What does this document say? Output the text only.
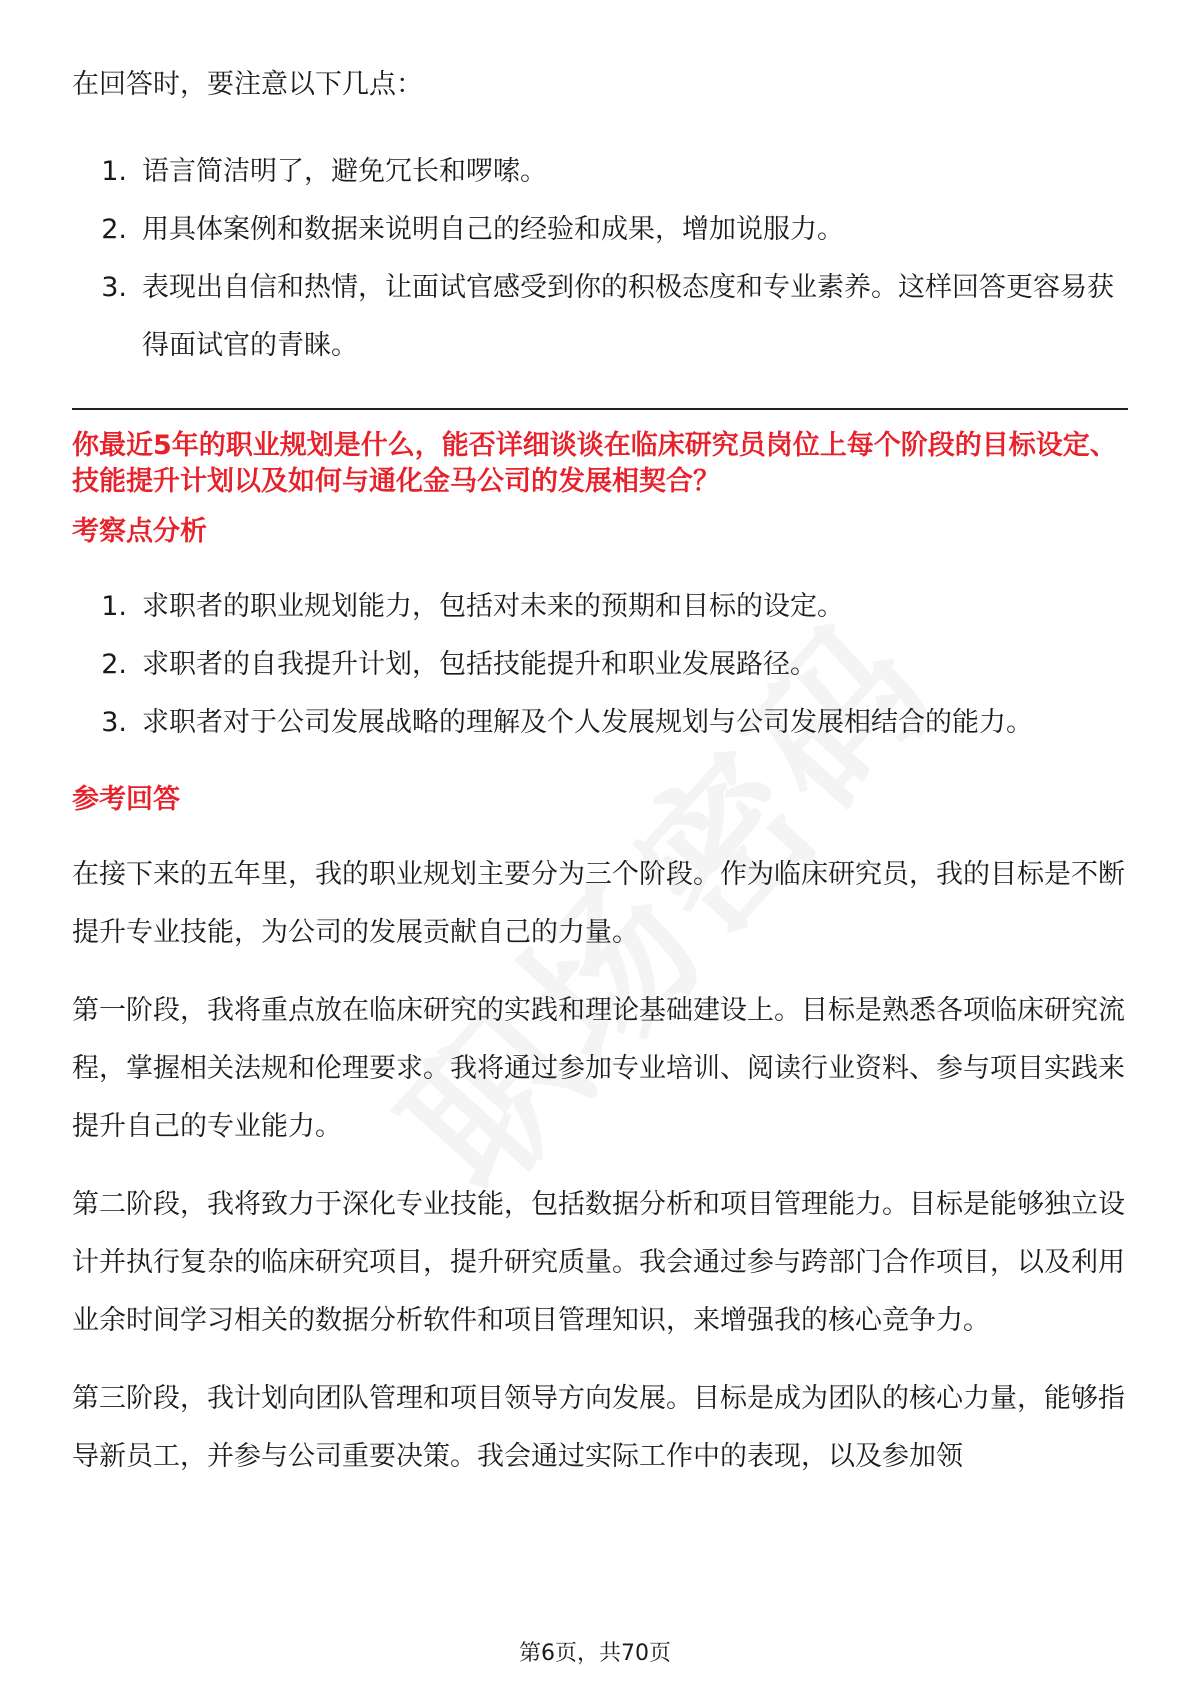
在回答时，要注意以下几点：

1. 语言简洁明了，避免冗长和啰嗦。
2. 用具体案例和数据来说明自己的经验和成果，增加说服力。
3. 表现出自信和热情，让面试官感受到你的积极态度和专业素养。这样回答更容易获得面试官的青睐。

你最近5年的职业规划是什么，能否详细谈谈在临床研究员岗位上每个阶段的目标设定、技能提升计划以及如何与通化金马公司的发展相契合？

考察点分析

1. 求职者的职业规划能力，包括对未来的预期和目标的设定。
2. 求职者的自我提升计划，包括技能提升和职业发展路径。
3. 求职者对于公司发展战略的理解及个人发展规划与公司发展相结合的能力。

参考回答

在接下来的五年里，我的职业规划主要分为三个阶段。作为临床研究员，我的目标是不断提升专业技能，为公司的发展贡献自己的力量。

第一阶段，我将重点放在临床研究的实践和理论基础建设上。目标是熟悉各项临床研究流程，掌握相关法规和伦理要求。我将通过参加专业培训、阅读行业资料、参与项目实践来提升自己的专业能力。

第二阶段，我将致力于深化专业技能，包括数据分析和项目管理能力。目标是能够独立设计并执行复杂的临床研究项目，提升研究质量。我会通过参与跨部门合作项目，以及利用业余时间学习相关的数据分析软件和项目管理知识，来增强我的核心竞争力。

第三阶段，我计划向团队管理和项目领导方向发展。目标是成为团队的核心力量，能够指导新员工，并参与公司重要决策。我会通过实际工作中的表现，以及参加领

第6页，共70页
